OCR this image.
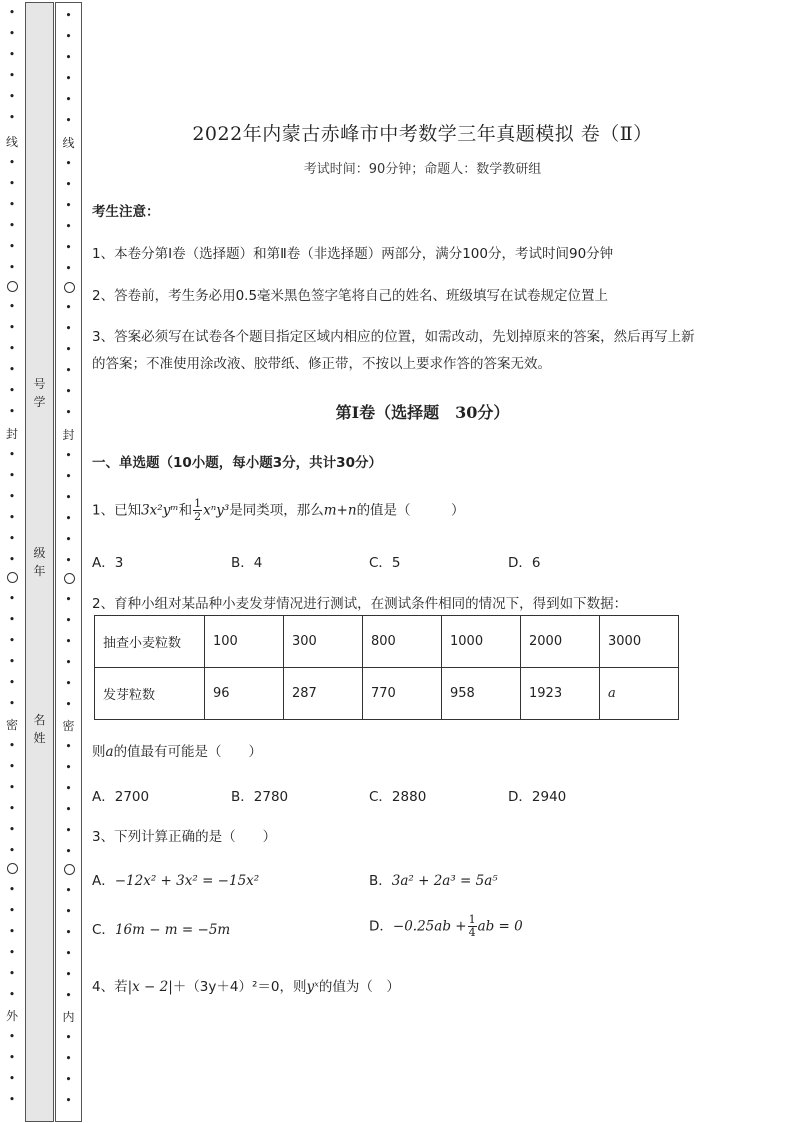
•
•
•
•
•
•
线
•
•
•
•
•
•
•
•
•
•
•
•
封
•
•
•
•
•
•
•
•
•
•
•
•
密
•
•
•
•
•
•
•
•
•
•
•
•
外
•
•
•
•
号
学
级
年
名
姓
•
•
•
•
•
•
线
•
•
•
•
•
•
•
•
•
•
•
•
封
•
•
•
•
•
•
•
•
•
•
•
•
密
•
•
•
•
•
•
•
•
•
•
•
•
内
•
•
•
•
2022年内蒙古赤峰市中考数学三年真题模拟 卷（Ⅱ）
考试时间：90分钟；命题人：数学教研组
考生注意：
1、本卷分第Ⅰ卷（选择题）和第Ⅱ卷（非选择题）两部分，满分100分，考试时间90分钟
2、答卷前，考生务必用0.5毫米黑色签字笔将自己的姓名、班级填写在试卷规定位置上
3、答案必须写在试卷各个题目指定区域内相应的位置，如需改动，先划掉原来的答案，然后再写上新
的答案；不准使用涂改液、胶带纸、修正带，不按以上要求作答的答案无效。
第Ⅰ卷（选择题　30分）
一、单选题（10小题，每小题3分，共计30分）
1、已知3x²yᵐ和 $\frac{1}{2} x^ny^3$是同类项，那么m+n的值是（　　　）
A．3	B．4	C．5	D．6
2、育种小组对某品种小麦发芽情况进行测试，在测试条件相同的情况下，得到如下数据：
抽查小麦粒数	100	300	800	1000	2000	3000
发芽粒数	96	287	770	958	1923	a
则a的值最有可能是（　　）
A．2700	B．2780	C．2880	D．2940
3、下列计算正确的是（　　）
A．−12x² + 3x² = −15x²	B．3a² + 2a³ = 5a⁵
C．16m − m = −5m	D．$-0.25ab + \frac{1}{4}$ ab = 0
4、若|x − 2|＋（3y＋4）²＝0，则yˣ的值为（　）
